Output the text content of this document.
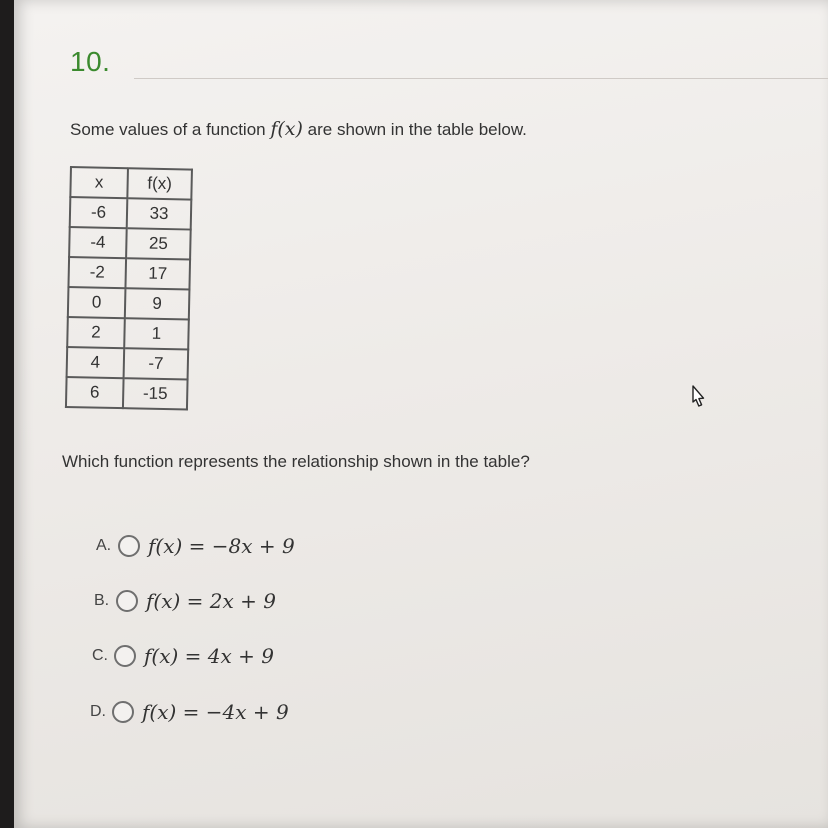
10.
Some values of a function f(x) are shown in the table below.
x	f(x)
-6	33
-4	25
-2	17
0	9
2	1
4	-7
6	-15
Which function represents the relationship shown in the table?
A.	f(x) = −8x + 9
B.	f(x) = 2x + 9
C.	f(x) = 4x + 9
D.	f(x) = −4x + 9
